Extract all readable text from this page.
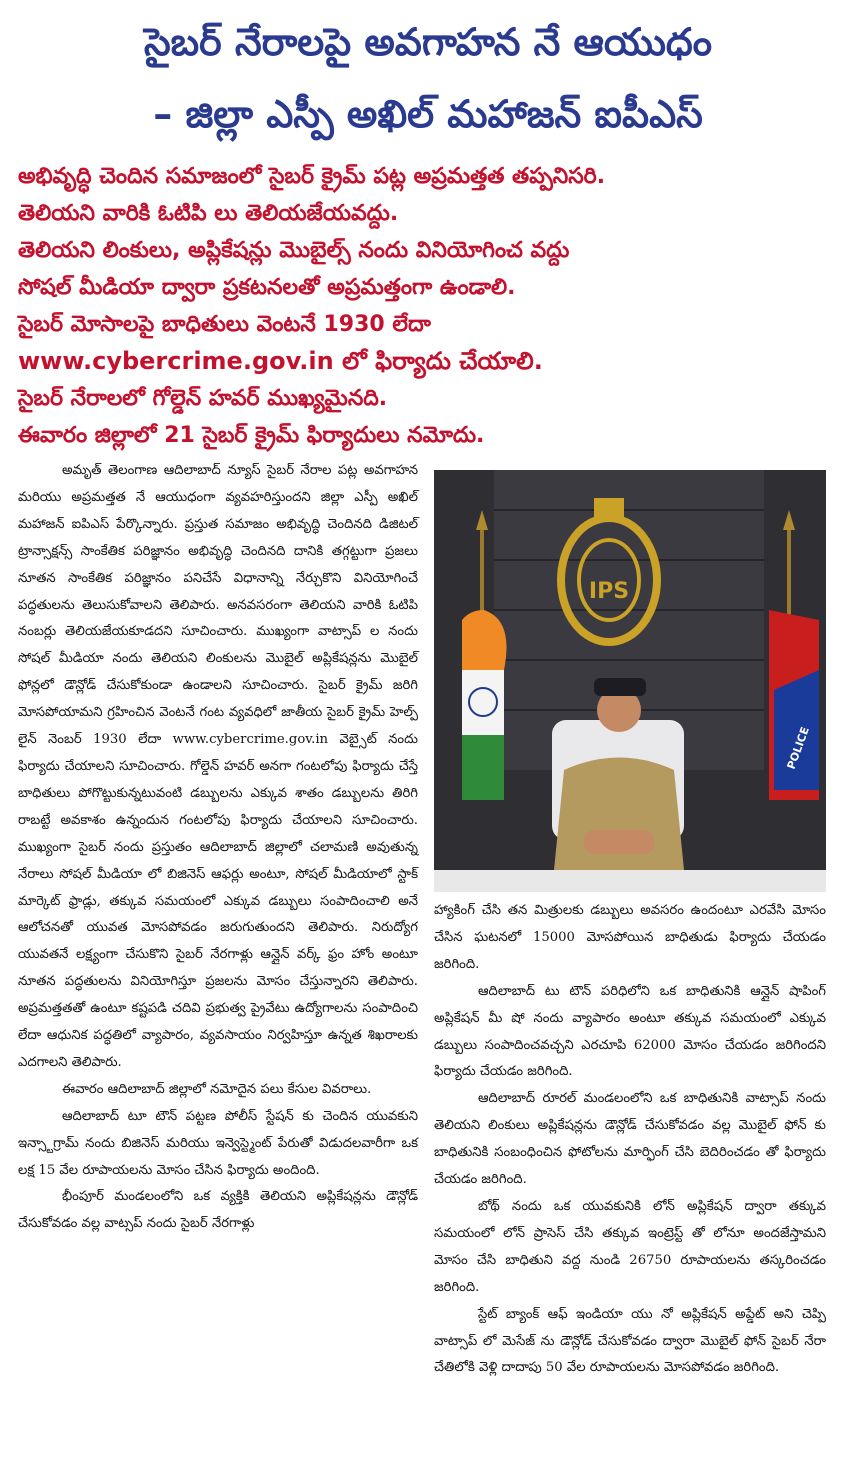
సైబర్ నేరాలపై అవగాహన నే ఆయుధం
– జిల్లా ఎస్పీ అఖిల్ మహాజన్ ఐపీఎస్
అభివృద్ధి చెందిన సమాజంలో సైబర్ క్రైమ్ పట్ల అప్రమత్తత తప్పనిసరి.
తెలియని వారికి ఓటిపి లు తెలియజేయవద్దు.
తెలియని లింకులు, అప్లికేషన్లు మొబైల్స్ నందు వినియోగించ వద్దు
సోషల్ మీడియా ద్వారా ప్రకటనలతో అప్రమత్తంగా ఉండాలి.
సైబర్ మోసాలపై బాధితులు వెంటనే 1930 లేదా
www.cybercrime.gov.in లో ఫిర్యాదు చేయాలి.
సైబర్ నేరాలలో గోల్డెన్ హవర్ ముఖ్యమైనది.
ఈవారం జిల్లాలో 21 సైబర్ క్రైమ్ ఫిర్యాదులు నమోదు.

అమృత్ తెలంగాణ ఆదిలాబాద్ న్యూస్ సైబర్ నేరాల పట్ల అవగాహన మరియు అప్రమత్తత నే ఆయుధంగా వ్యవహరిస్తుందని జిల్లా ఎస్పీ అఖిల్ మహాజన్ ఐపిఎస్ పేర్కొన్నారు. ప్రస్తుత సమాజం అభివృద్ధి చెందినది డిజిటల్ ట్రాన్సాక్షన్స్ సాంకేతిక పరిజ్ఞానం అభివృద్ధి చెందినది దానికి తగ్గట్టుగా ప్రజలు నూతన సాంకేతిక పరిజ్ఞానం పనిచేసే విధానాన్ని నేర్చుకొని వినియోగించే పద్ధతులను తెలుసుకోవాలని తెలిపారు. అనవసరంగా తెలియని వారికి ఓటిపి నంబర్లు తెలియజేయకూడదని సూచించారు. ముఖ్యంగా వాట్సాప్ ల నందు సోషల్ మీడియా నందు తెలియని లింకులను మొబైల్ అప్లికేషన్లను మొబైల్ ఫోన్లలో డౌన్లోడ్ చేసుకోకుండా ఉండాలని సూచించారు. సైబర్ క్రైమ్ జరిగి మోసపోయామని గ్రహించిన వెంటనే గంట వ్యవధిలో జాతీయ సైబర్ క్రైమ్ హెల్ప్ లైన్ నెంబర్ 1930 లేదా www.cybercrime.gov.in వెబ్సైట్ నందు ఫిర్యాదు చేయాలని సూచించారు. గోల్డెన్ హవర్ అనగా గంటలోపు ఫిర్యాదు చేస్తే బాధితులు పోగొట్టుకున్నటువంటి డబ్బులను ఎక్కువ శాతం డబ్బులను తిరిగి రాబట్టే అవకాశం ఉన్నందున గంటలోపు ఫిర్యాదు చేయాలని సూచించారు. ముఖ్యంగా సైబర్ నందు ప్రస్తుతం ఆదిలాబాద్ జిల్లాలో చలామణి అవుతున్న నేరాలు సోషల్ మీడియా లో బిజినెస్ ఆఫర్లు అంటూ, సోషల్ మీడియాలో స్టాక్ మార్కెట్ ఫ్రాడ్లు, తక్కువ సమయంలో ఎక్కువ డబ్బులు సంపాదించాలి అనే ఆలోచనతో యువత మోసపోవడం జరుగుతుందని తెలిపారు. నిరుద్యోగ యువతనే లక్ష్యంగా చేసుకొని సైబర్ నేరగాళ్లు ఆన్లైన్ వర్క్ ఫ్రం హోం అంటూ నూతన పద్ధతులను వినియోగిస్తూ ప్రజలను మోసం చేస్తున్నారని తెలిపారు. అప్రమత్తతతో ఉంటూ కష్టపడి చదివి ప్రభుత్వ ప్రైవేటు ఉద్యోగాలను సంపాదించి లేదా ఆధునిక పద్ధతిలో వ్యాపారం, వ్యవసాయం నిర్వహిస్తూ ఉన్నత శిఖరాలకు ఎదగాలని తెలిపారు.

ఈవారం ఆదిలాబాద్ జిల్లాలో నమోదైన పలు కేసుల వివరాలు.

ఆదిలాబాద్ టూ టౌన్ పట్టణ పోలీస్ స్టేషన్ కు చెందిన యువకుని ఇన్స్టాగ్రామ్ నందు బిజినెస్ మరియు ఇన్వెస్ట్మెంట్ పేరుతో విడుదలవారీగా ఒక లక్ష 15 వేల రూపాయలను మోసం చేసిన ఫిర్యాదు అందింది.

భీంపూర్ మండలంలోని ఒక వ్యక్తికి తెలియని అప్లికేషన్లను డౌన్లోడ్ చేసుకోవడం వల్ల వాట్సప్ నందు సైబర్ నేరగాళ్లు

IPS
POLICE

హ్యాకింగ్ చేసి తన మిత్రులకు డబ్బులు అవసరం ఉందంటూ ఎరవేసి మోసం చేసిన ఘటనలో 15000 మోసపోయిన బాధితుడు ఫిర్యాదు చేయడం జరిగింది.

ఆదిలాబాద్ టు టౌన్ పరిధిలోని ఒక బాధితునికి ఆన్లైన్ షాపింగ్ అప్లికేషన్ మీ షో నందు వ్యాపారం అంటూ తక్కువ సమయంలో ఎక్కువ డబ్బులు సంపాదించవచ్చని ఎరచూపి 62000 మోసం చేయడం జరిగిందని ఫిర్యాదు చేయడం జరిగింది.

ఆదిలాబాద్ రూరల్ మండలంలోని ఒక బాధితునికి వాట్సాప్ నందు తెలియని లింకులు అప్లికేషన్లను డౌన్లోడ్ చేసుకోవడం వల్ల మొబైల్ ఫోన్ కు బాధితునికి సంబంధించిన ఫోటోలను మార్ఫింగ్ చేసి బెదిరించడం తో ఫిర్యాదు చేయడం జరిగింది.

బోథ్ నందు ఒక యువకునికి లోన్ అప్లికేషన్ ద్వారా తక్కువ సమయంలో లోన్ ప్రాసెస్ చేసి తక్కువ ఇంట్రెస్ట్ తో లోనూ అందజేస్తామని మోసం చేసి బాధితుని వద్ద నుండి 26750 రూపాయలను తస్కరించడం జరిగింది.

స్టేట్ బ్యాంక్ ఆఫ్ ఇండియా యు నో అప్లికేషన్ అప్డేట్ అని చెప్పి వాట్సాప్ లో మెసేజ్ ను డౌన్లోడ్ చేసుకోవడం ద్వారా మొబైల్ ఫోన్ సైబర్ నేరా చేతిలోకి వెళ్లి దాదాపు 50 వేల రూపాయలను మోసపోవడం జరిగింది.
